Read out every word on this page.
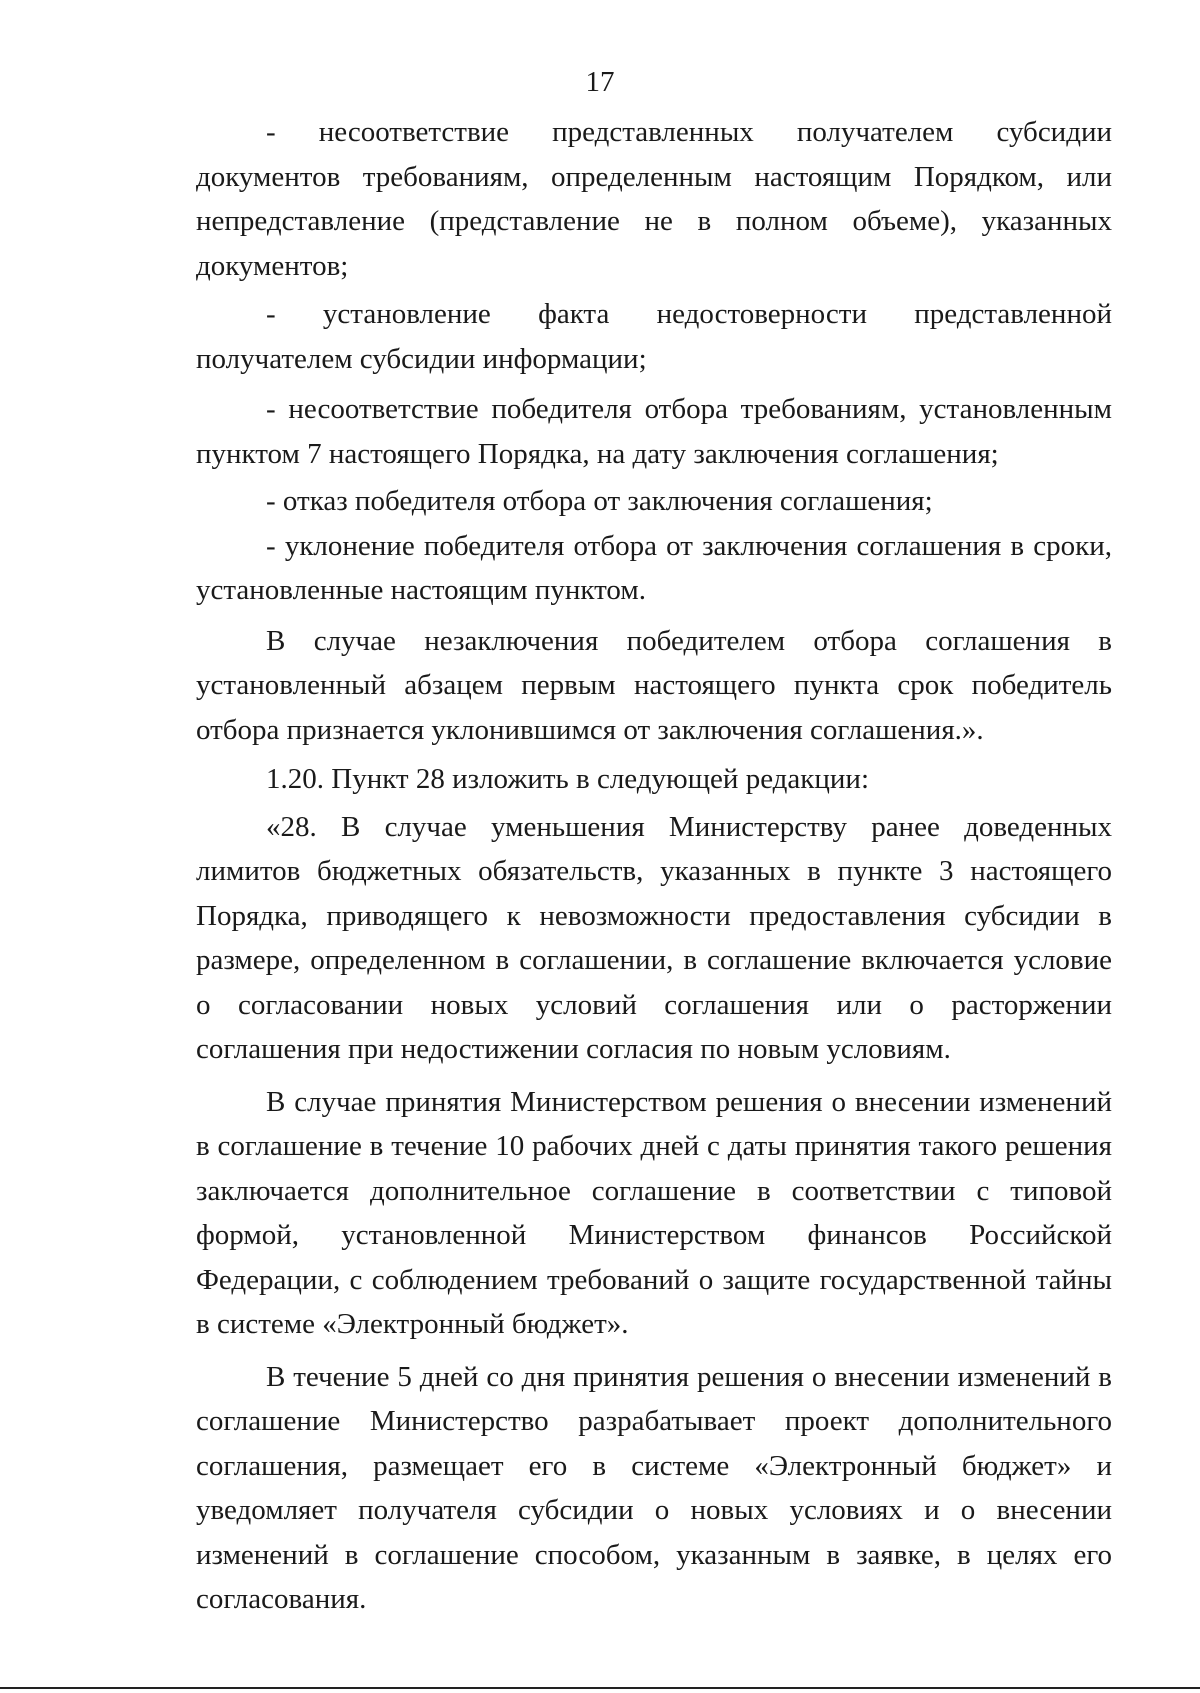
17

- несоответствие представленных получателем субсидии документов требованиям, определенным настоящим Порядком, или непредставление (представление не в полном объеме), указанных документов;

- установление факта недостоверности представленной получателем субсидии информации;

- несоответствие победителя отбора требованиям, установленным пунктом 7 настоящего Порядка, на дату заключения соглашения;

- отказ победителя отбора от заключения соглашения;

- уклонение победителя отбора от заключения соглашения в сроки, установленные настоящим пунктом.

В случае незаключения победителем отбора соглашения в установленный абзацем первым настоящего пункта срок победитель отбора признается уклонившимся от заключения соглашения.».

1.20. Пункт 28 изложить в следующей редакции:

«28. В случае уменьшения Министерству ранее доведенных лимитов бюджетных обязательств, указанных в пункте 3 настоящего Порядка, приводящего к невозможности предоставления субсидии в размере, определенном в соглашении, в соглашение включается условие о согласовании новых условий соглашения или о расторжении соглашения при недостижении согласия по новым условиям.

В случае принятия Министерством решения о внесении изменений в соглашение в течение 10 рабочих дней с даты принятия такого решения заключается дополнительное соглашение в соответствии с типовой формой, установленной Министерством финансов Российской Федерации, с соблюдением требований о защите государственной тайны в системе «Электронный бюджет».

В течение 5 дней со дня принятия решения о внесении изменений в соглашение Министерство разрабатывает проект дополнительного соглашения, размещает его в системе «Электронный бюджет» и уведомляет получателя субсидии о новых условиях и о внесении изменений в соглашение способом, указанным в заявке, в целях его согласования.
